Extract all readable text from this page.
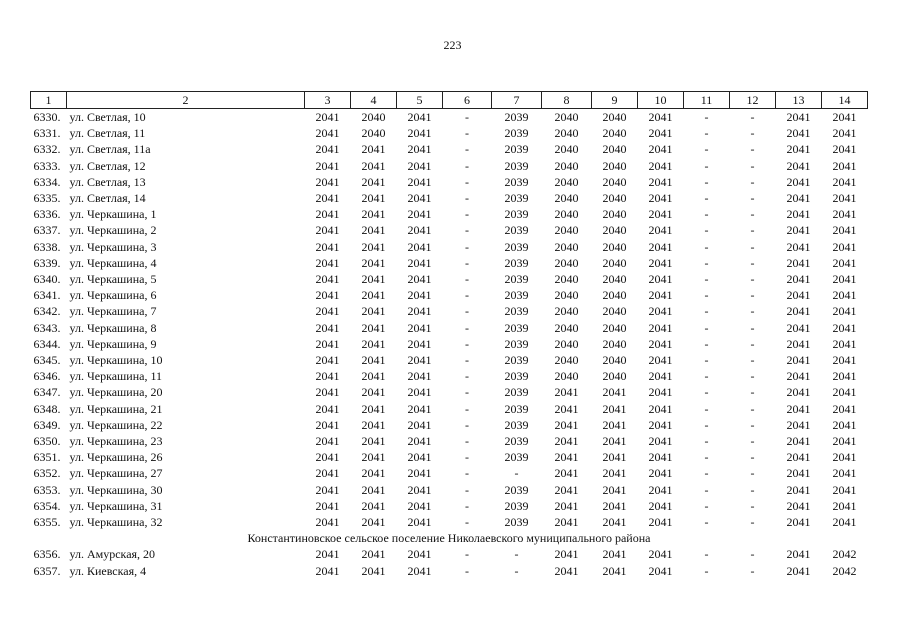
223
1	2	3	4	5	6	7	8	9	10	11	12	13	14
6330.	ул. Светлая, 10	2041	2040	2041	-	2039	2040	2040	2041	-	-	2041	2041
6331.	ул. Светлая, 11	2041	2040	2041	-	2039	2040	2040	2041	-	-	2041	2041
6332.	ул. Светлая, 11а	2041	2041	2041	-	2039	2040	2040	2041	-	-	2041	2041
6333.	ул. Светлая, 12	2041	2041	2041	-	2039	2040	2040	2041	-	-	2041	2041
6334.	ул. Светлая, 13	2041	2041	2041	-	2039	2040	2040	2041	-	-	2041	2041
6335.	ул. Светлая, 14	2041	2041	2041	-	2039	2040	2040	2041	-	-	2041	2041
6336.	ул. Черкашина, 1	2041	2041	2041	-	2039	2040	2040	2041	-	-	2041	2041
6337.	ул. Черкашина, 2	2041	2041	2041	-	2039	2040	2040	2041	-	-	2041	2041
6338.	ул. Черкашина, 3	2041	2041	2041	-	2039	2040	2040	2041	-	-	2041	2041
6339.	ул. Черкашина, 4	2041	2041	2041	-	2039	2040	2040	2041	-	-	2041	2041
6340.	ул. Черкашина, 5	2041	2041	2041	-	2039	2040	2040	2041	-	-	2041	2041
6341.	ул. Черкашина, 6	2041	2041	2041	-	2039	2040	2040	2041	-	-	2041	2041
6342.	ул. Черкашина, 7	2041	2041	2041	-	2039	2040	2040	2041	-	-	2041	2041
6343.	ул. Черкашина, 8	2041	2041	2041	-	2039	2040	2040	2041	-	-	2041	2041
6344.	ул. Черкашина, 9	2041	2041	2041	-	2039	2040	2040	2041	-	-	2041	2041
6345.	ул. Черкашина, 10	2041	2041	2041	-	2039	2040	2040	2041	-	-	2041	2041
6346.	ул. Черкашина, 11	2041	2041	2041	-	2039	2040	2040	2041	-	-	2041	2041
6347.	ул. Черкашина, 20	2041	2041	2041	-	2039	2041	2041	2041	-	-	2041	2041
6348.	ул. Черкашина, 21	2041	2041	2041	-	2039	2041	2041	2041	-	-	2041	2041
6349.	ул. Черкашина, 22	2041	2041	2041	-	2039	2041	2041	2041	-	-	2041	2041
6350.	ул. Черкашина, 23	2041	2041	2041	-	2039	2041	2041	2041	-	-	2041	2041
6351.	ул. Черкашина, 26	2041	2041	2041	-	2039	2041	2041	2041	-	-	2041	2041
6352.	ул. Черкашина, 27	2041	2041	2041	-	-	2041	2041	2041	-	-	2041	2041
6353.	ул. Черкашина, 30	2041	2041	2041	-	2039	2041	2041	2041	-	-	2041	2041
6354.	ул. Черкашина, 31	2041	2041	2041	-	2039	2041	2041	2041	-	-	2041	2041
6355.	ул. Черкашина, 32	2041	2041	2041	-	2039	2041	2041	2041	-	-	2041	2041
Константиновское сельское поселение Николаевского муниципального района													
6356.	ул. Амурская, 20	2041	2041	2041	-	-	2041	2041	2041	-	-	2041	2042
6357.	ул. Киевская, 4	2041	2041	2041	-	-	2041	2041	2041	-	-	2041	2042
